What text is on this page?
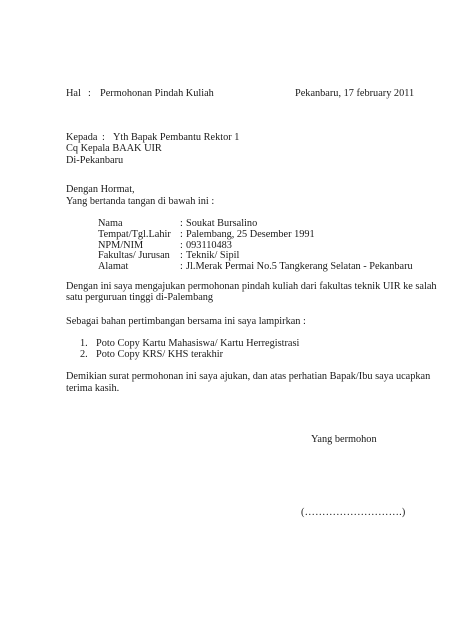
Hal : Permohonan Pindah Kuliah	Pekanbaru, 17 february 2011
Kepada : Yth Bapak Pembantu Rektor 1
Cq Kepala BAAK UIR
Di-Pekanbaru
Dengan Hormat,
Yang bertanda tangan di bawah ini :
Nama	: Soukat Bursalino
Tempat/Tgl.Lahir : Palembang, 25 Desember 1991
NPM/NIM	: 093110483
Fakultas/ Jurusan : Teknik/ Sipil
Alamat	: Jl.Merak Permai No.5 Tangkerang Selatan - Pekanbaru
Dengan ini saya mengajukan permohonan pindah kuliah dari fakultas teknik UIR ke salah
satu perguruan tinggi di-Palembang
Sebagai bahan pertimbangan bersama ini saya lampirkan :
1. Poto Copy Kartu Mahasiswa/ Kartu Herregistrasi
2. Poto Copy KRS/ KHS terakhir
Demikian surat permohonan ini saya ajukan, dan atas perhatian Bapak/Ibu saya ucapkan
terima kasih.
Yang bermohon
(……………………….)
